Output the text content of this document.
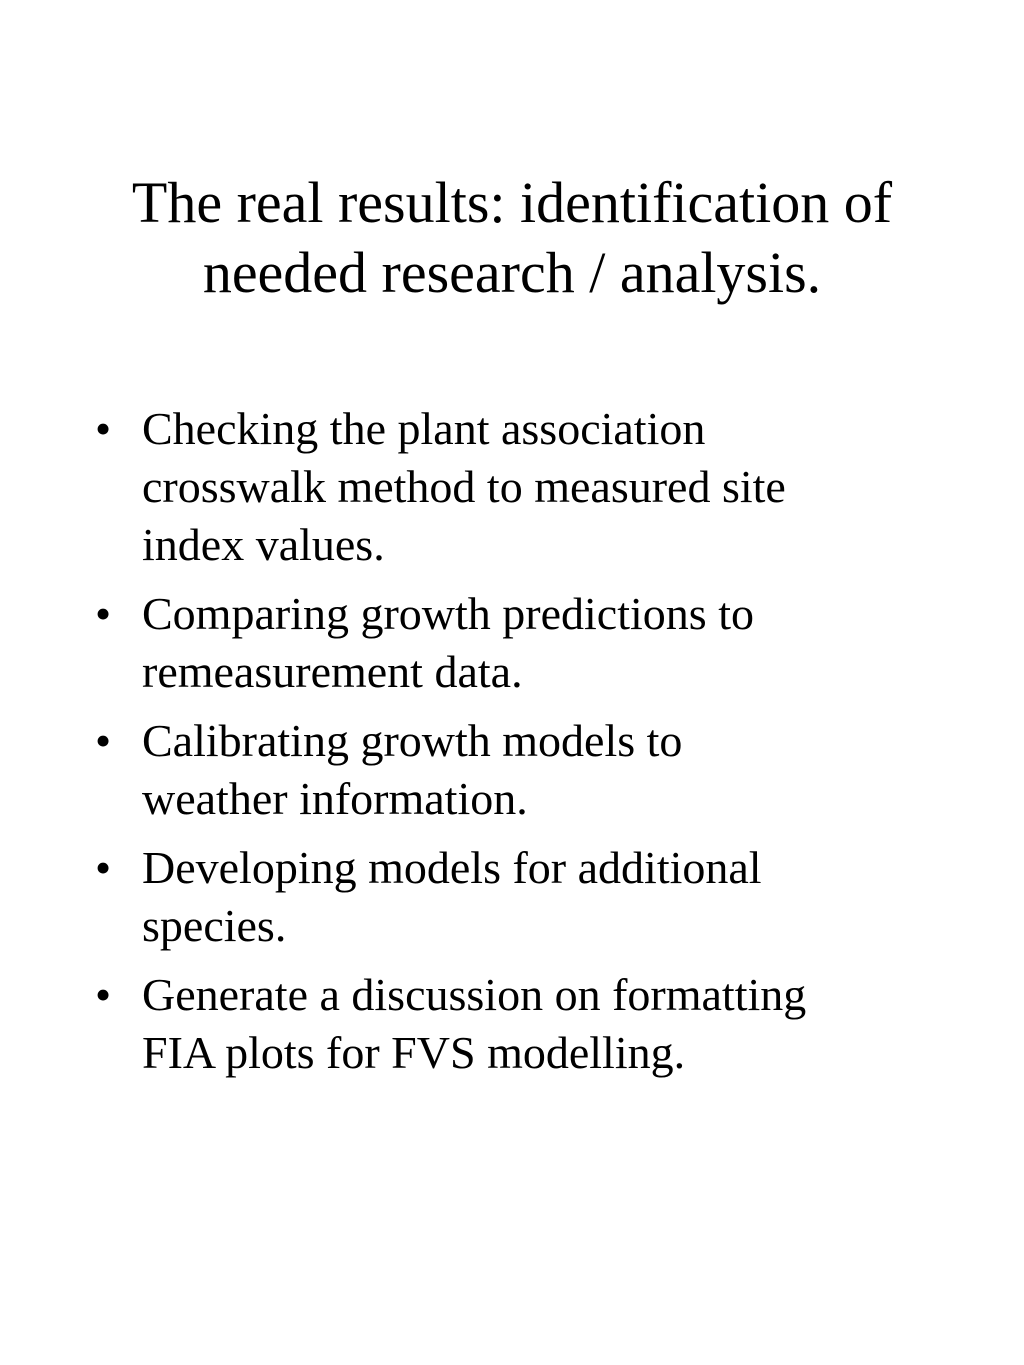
The real results: identification of
needed research / analysis.
• Checking the plant association
crosswalk method to measured site
index values.
• Comparing growth predictions to
remeasurement data.
• Calibrating growth models to
weather information.
• Developing models for additional
species.
• Generate a discussion on formatting
FIA plots for FVS modelling.
